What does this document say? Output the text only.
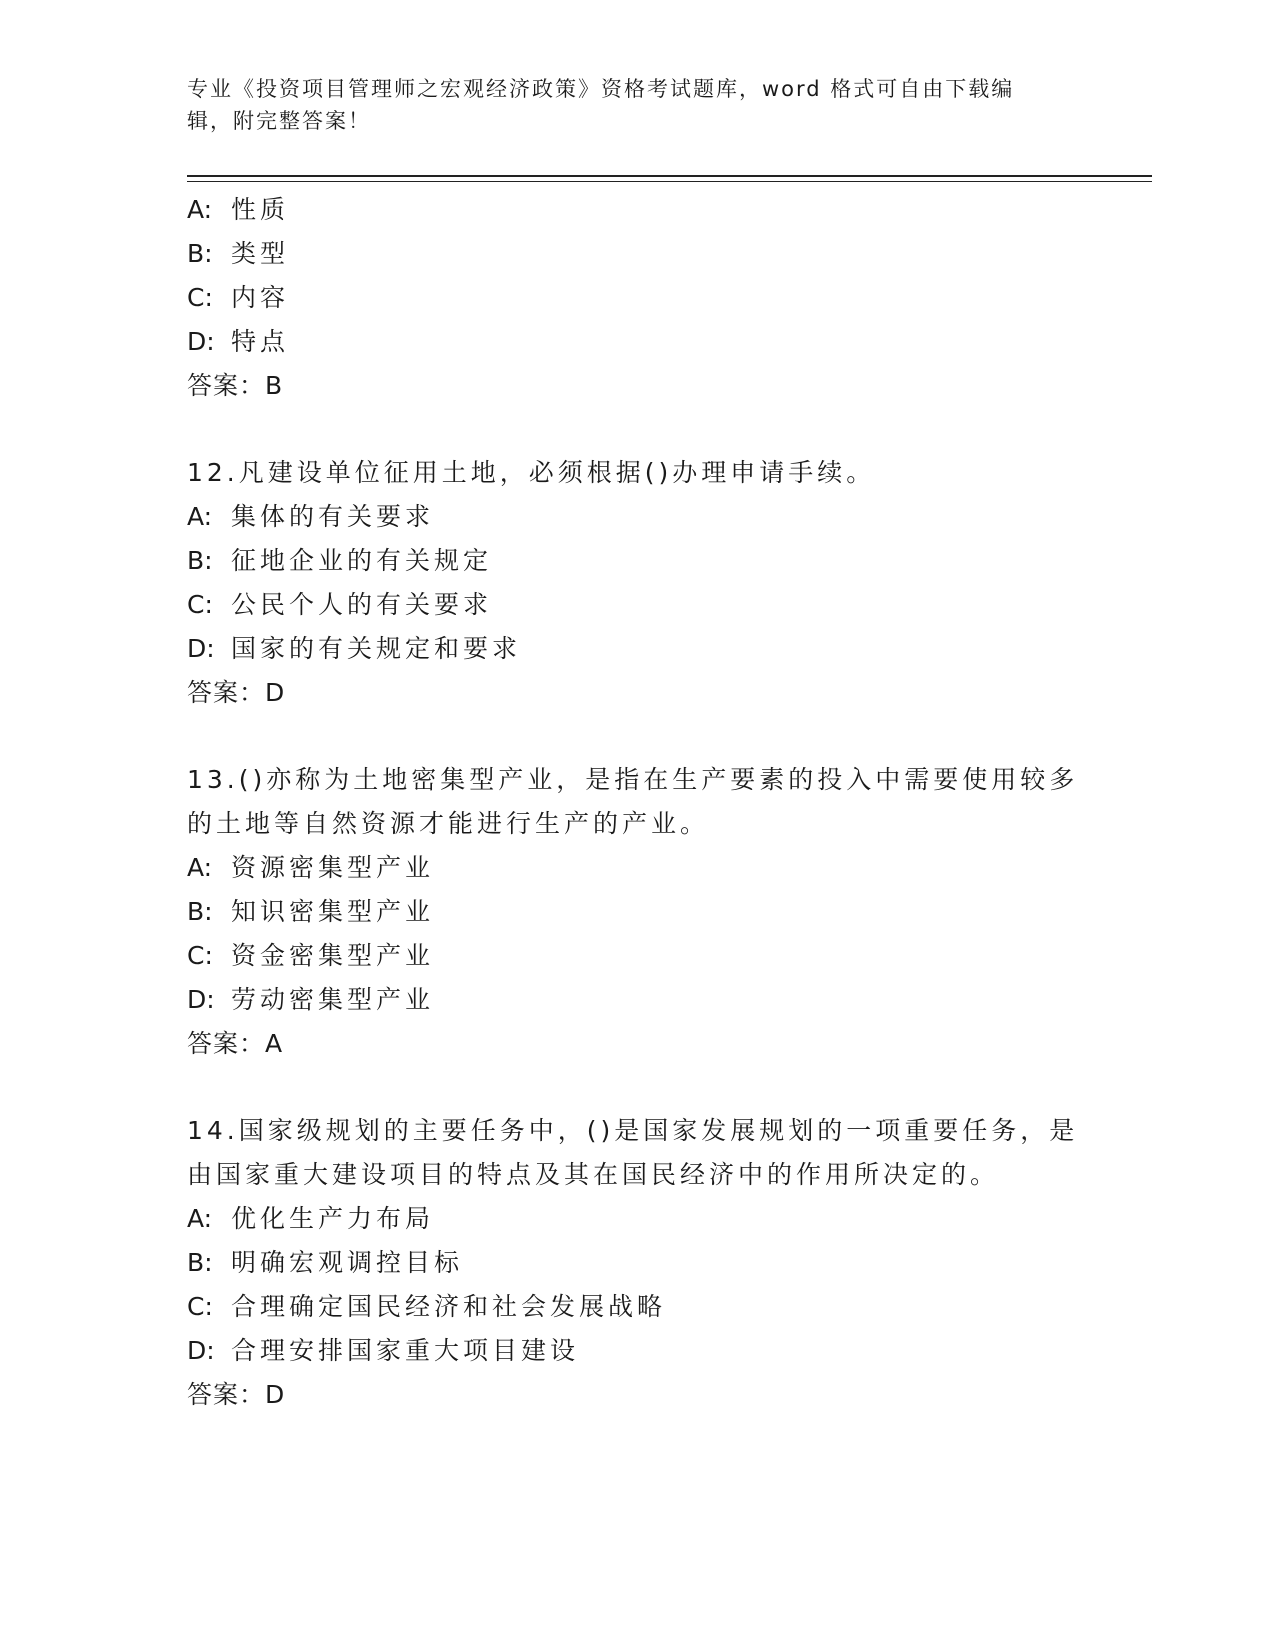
专业《投资项目管理师之宏观经济政策》资格考试题库，word 格式可自由下载编
辑，附完整答案！
A: 性质
B: 类型
C: 内容
D: 特点
答案：B
12.凡建设单位征用土地，必须根据()办理申请手续。
A: 集体的有关要求
B: 征地企业的有关规定
C: 公民个人的有关要求
D: 国家的有关规定和要求
答案：D
13.()亦称为土地密集型产业，是指在生产要素的投入中需要使用较多
的土地等自然资源才能进行生产的产业。
A: 资源密集型产业
B: 知识密集型产业
C: 资金密集型产业
D: 劳动密集型产业
答案：A
14.国家级规划的主要任务中，()是国家发展规划的一项重要任务，是
由国家重大建设项目的特点及其在国民经济中的作用所决定的。
A: 优化生产力布局
B: 明确宏观调控目标
C: 合理确定国民经济和社会发展战略
D: 合理安排国家重大项目建设
答案：D
